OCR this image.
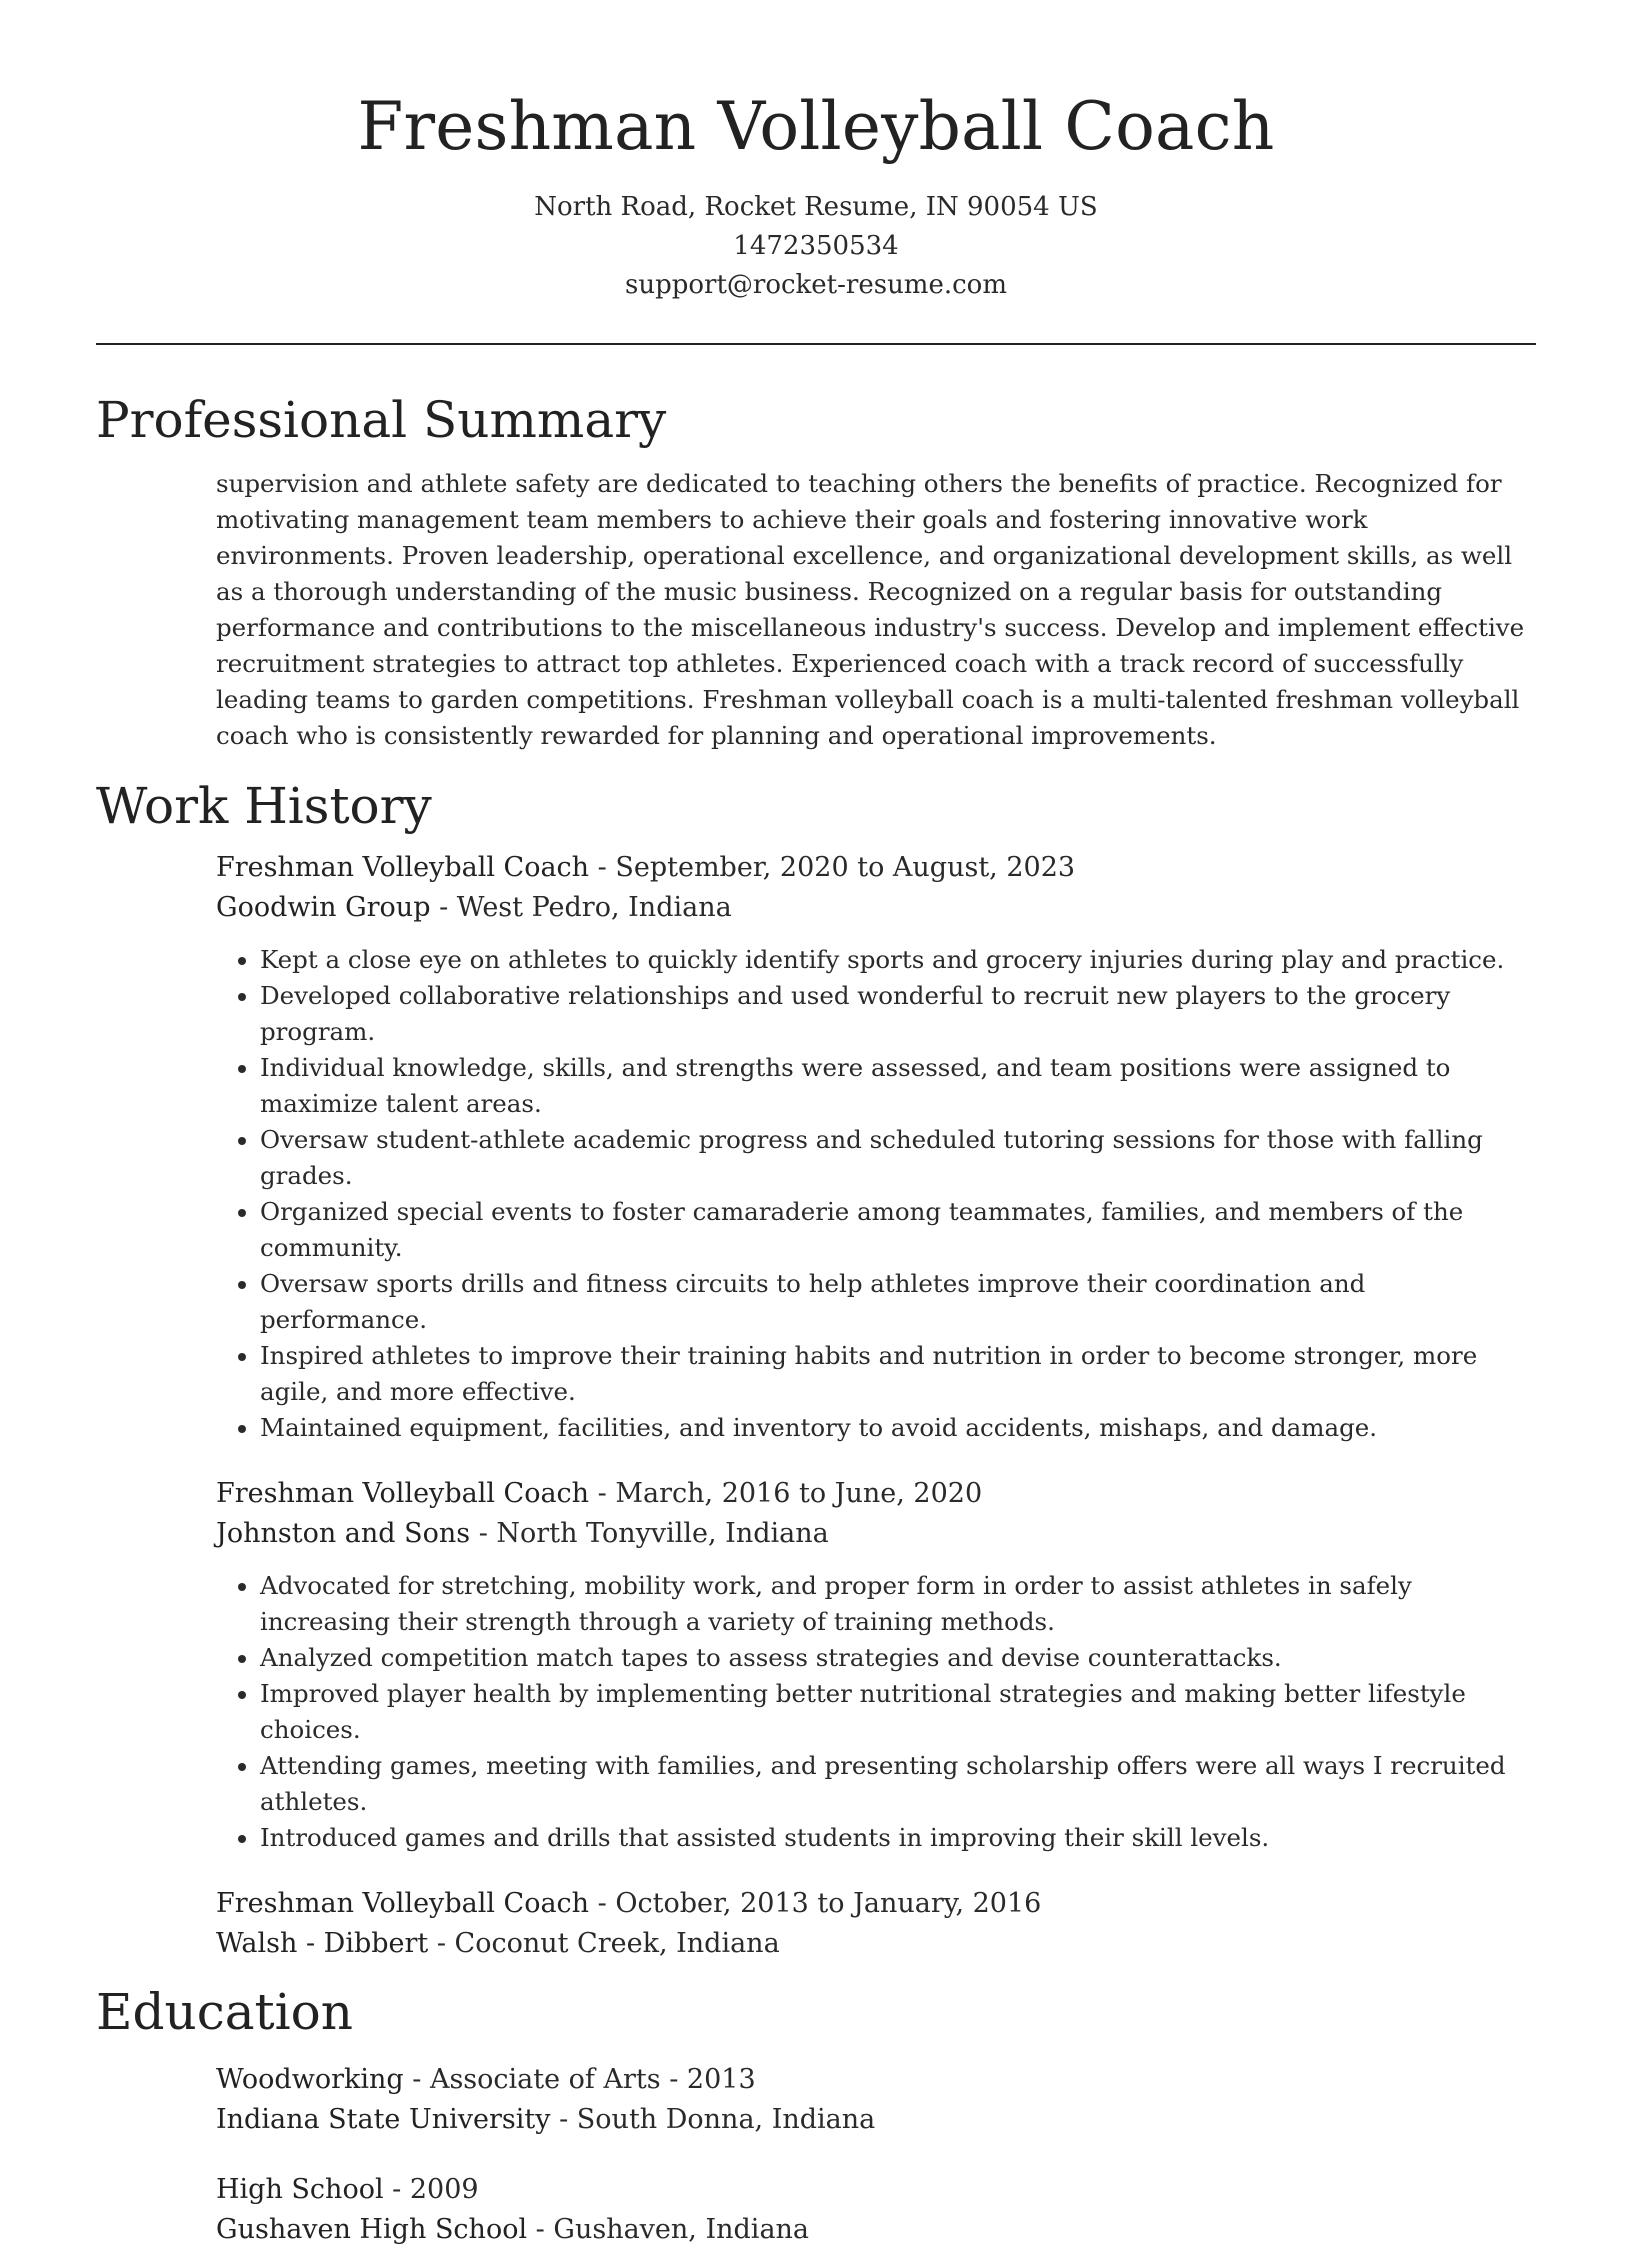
Freshman Volleyball Coach
North Road, Rocket Resume, IN 90054 US
1472350534
support@rocket-resume.com
Professional Summary
supervision and athlete safety are dedicated to teaching others the benefits of practice. Recognized for motivating management team members to achieve their goals and fostering innovative work environments. Proven leadership, operational excellence, and organizational development skills, as well as a thorough understanding of the music business. Recognized on a regular basis for outstanding performance and contributions to the miscellaneous industry's success. Develop and implement effective recruitment strategies to attract top athletes. Experienced coach with a track record of successfully leading teams to garden competitions. Freshman volleyball coach is a multi-talented freshman volleyball coach who is consistently rewarded for planning and operational improvements.
Work History
Freshman Volleyball Coach - September, 2020 to August, 2023
Goodwin Group - West Pedro, Indiana
• Kept a close eye on athletes to quickly identify sports and grocery injuries during play and practice.
• Developed collaborative relationships and used wonderful to recruit new players to the grocery program.
• Individual knowledge, skills, and strengths were assessed, and team positions were assigned to maximize talent areas.
• Oversaw student-athlete academic progress and scheduled tutoring sessions for those with falling grades.
• Organized special events to foster camaraderie among teammates, families, and members of the community.
• Oversaw sports drills and fitness circuits to help athletes improve their coordination and performance.
• Inspired athletes to improve their training habits and nutrition in order to become stronger, more agile, and more effective.
• Maintained equipment, facilities, and inventory to avoid accidents, mishaps, and damage.
Freshman Volleyball Coach - March, 2016 to June, 2020
Johnston and Sons - North Tonyville, Indiana
• Advocated for stretching, mobility work, and proper form in order to assist athletes in safely increasing their strength through a variety of training methods.
• Analyzed competition match tapes to assess strategies and devise counterattacks.
• Improved player health by implementing better nutritional strategies and making better lifestyle choices.
• Attending games, meeting with families, and presenting scholarship offers were all ways I recruited athletes.
• Introduced games and drills that assisted students in improving their skill levels.
Freshman Volleyball Coach - October, 2013 to January, 2016
Walsh - Dibbert - Coconut Creek, Indiana
Education
Woodworking - Associate of Arts - 2013
Indiana State University - South Donna, Indiana
High School - 2009
Gushaven High School - Gushaven, Indiana
